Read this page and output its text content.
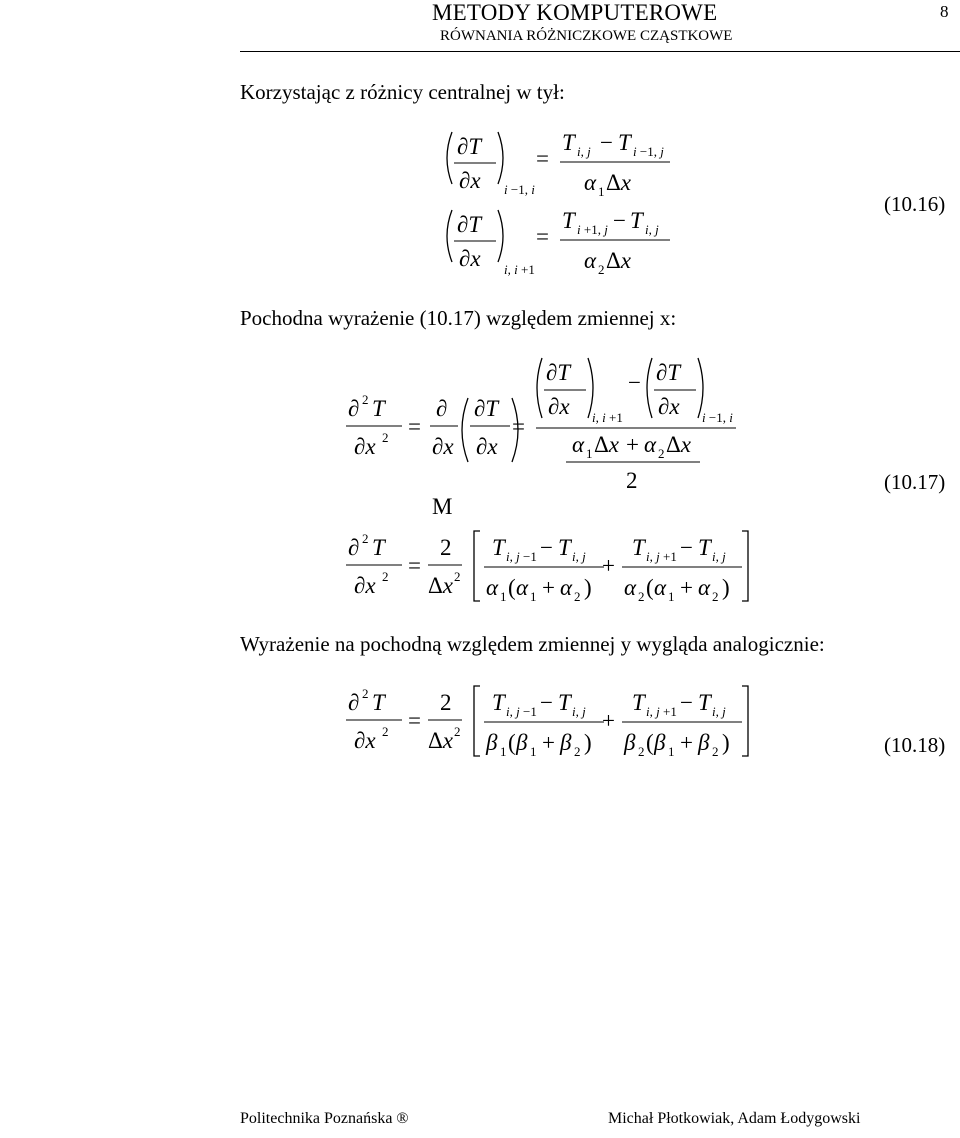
METODY KOMPUTEROWE
RÓWNANIA RÓŻNICZKOWE CZĄSTKOWE
8
Korzystając z różnicy centralnej w tył:
∂T
∂x i −1, i
=
T i, j − T i −1, j
α 1 Δx
∂T
∂x i, i +1
=
T i +1, j − T i, j
α 2 Δx
(10.16)
Pochodna wyrażenie (10.17) względem zmiennej x:
∂ 2 T
∂x 2 =
∂
∂x
∂T
∂x
=
∂T
∂x i, i +1
− ∂T
∂x i −1, i
α 1 Δx + α 2 Δx
2	(10.17)
M
∂ 2 T
∂x 2 =
2
Δx 2
T i, j −1 − T i, j
α 1 ( α 1 + α 2 )
+
T i, j +1 − T i, j
α 2 ( α 1 + α 2 )
Wyrażenie na pochodną względem zmiennej y wygląda analogicznie:
∂ 2 T
∂x 2 =
2
Δx 2
T i, j −1 − T i, j
β 1 ( β 1 + β 2 )
+
T i, j +1 − T i, j
β 2 ( β 1 + β 2 )	(10.18)
Politechnika Poznańska ®	Michał Płotkowiak, Adam Łodygowski
